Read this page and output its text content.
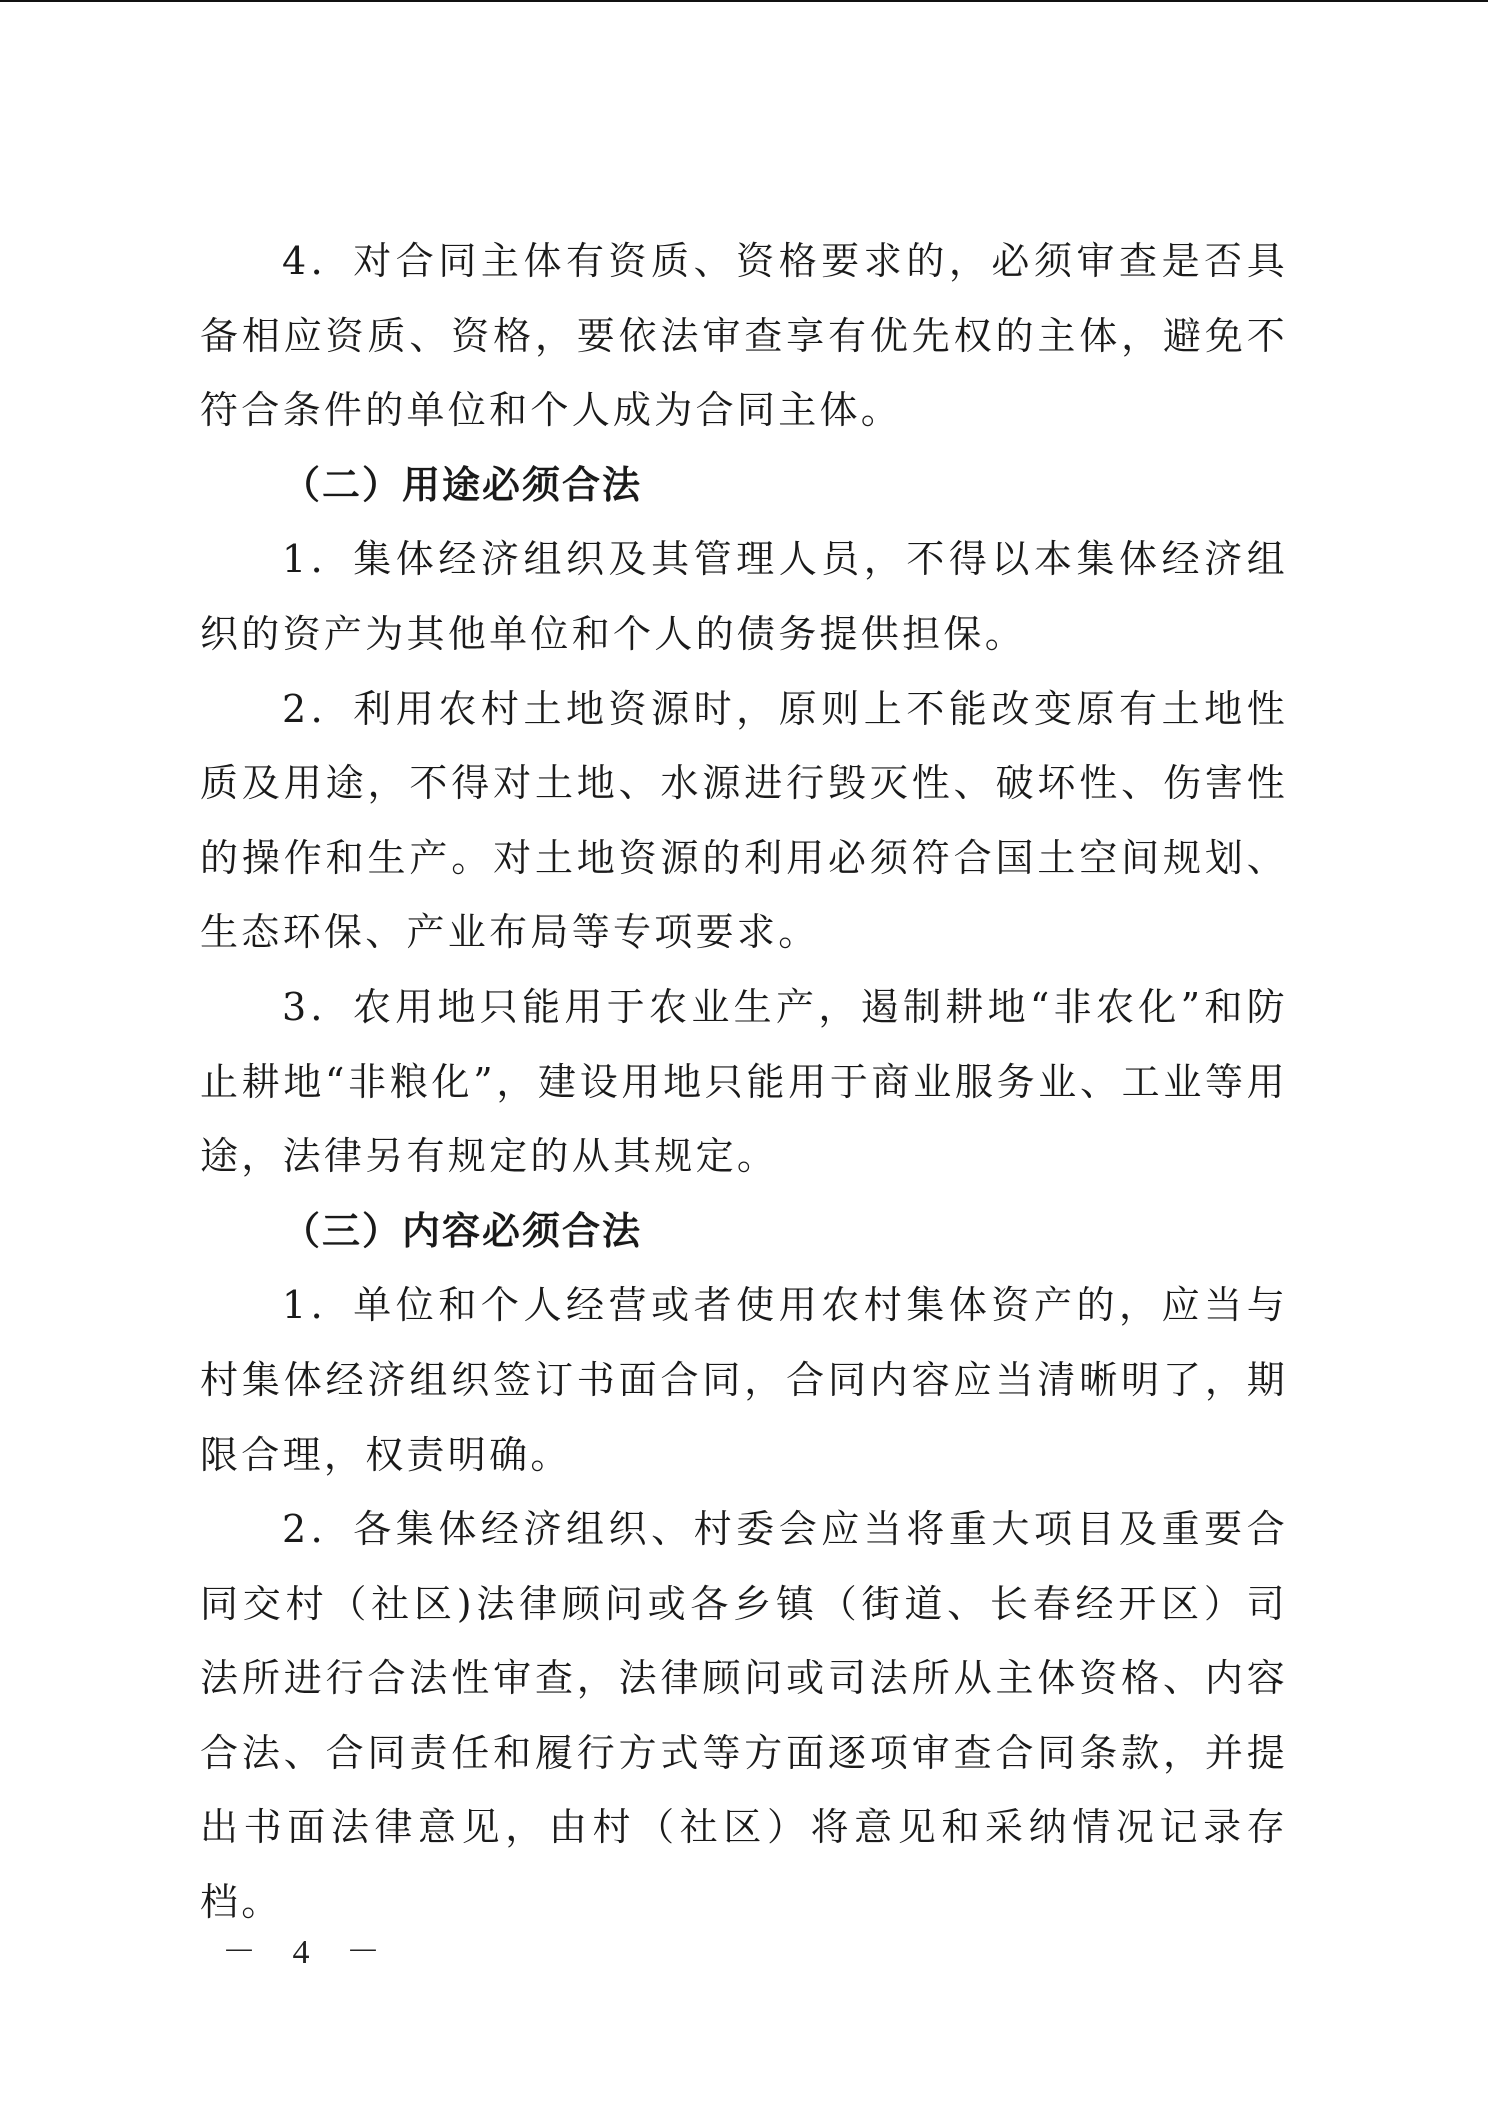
4．对合同主体有资质、资格要求的，必须审查是否具备相应资质、资格，要依法审查享有优先权的主体，避免不符合条件的单位和个人成为合同主体。

（二）用途必须合法

1．集体经济组织及其管理人员，不得以本集体经济组织的资产为其他单位和个人的债务提供担保。

2．利用农村土地资源时，原则上不能改变原有土地性质及用途，不得对土地、水源进行毁灭性、破坏性、伤害性的操作和生产。对土地资源的利用必须符合国土空间规划、生态环保、产业布局等专项要求。

3．农用地只能用于农业生产，遏制耕地“非农化”和防止耕地“非粮化”，建设用地只能用于商业服务业、工业等用途，法律另有规定的从其规定。

（三）内容必须合法

1．单位和个人经营或者使用农村集体资产的，应当与村集体经济组织签订书面合同，合同内容应当清晰明了，期限合理，权责明确。

2．各集体经济组织、村委会应当将重大项目及重要合同交村（社区)法律顾问或各乡镇（街道、长春经开区）司法所进行合法性审查，法律顾问或司法所从主体资格、内容合法、合同责任和履行方式等方面逐项审查合同条款，并提出书面法律意见，由村（社区）将意见和采纳情况记录存档。

－ 4 －
